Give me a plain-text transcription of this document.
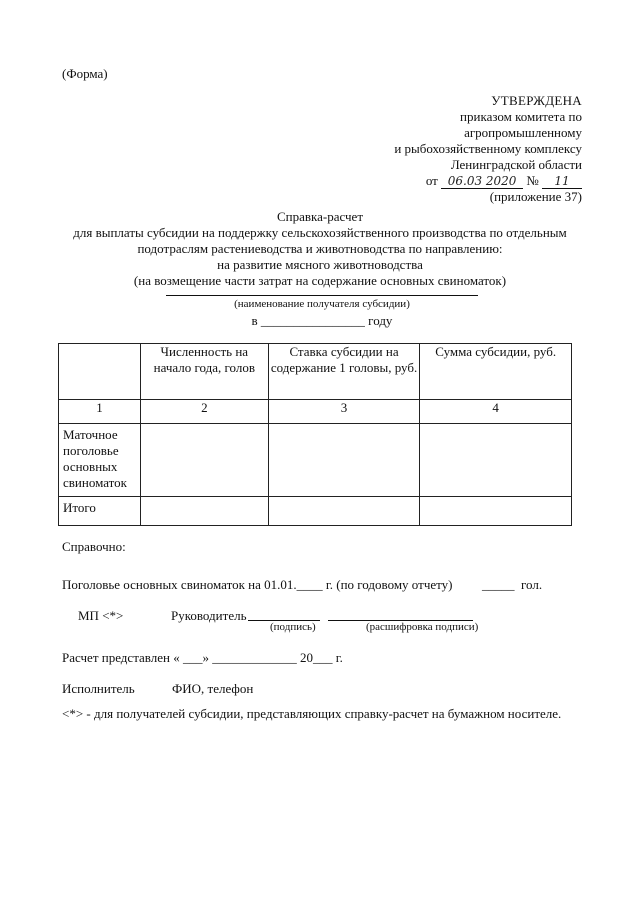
(Форма)
УТВЕРЖДЕНА
приказом комитета по
агропромышленному
и рыбохозяйственному комплексу
Ленинградской области
от 06.03 2020 № 11
(приложение 37)
Справка-расчет
для выплаты субсидии на поддержку сельскохозяйственного производства по отдельным
подотраслям растениеводства и животноводства по направлению:
на развитие мясного животноводства
(на возмещение части затрат на содержание основных свиноматок)
(наименование получателя субсидии)
в ________________ году
	Численность на начало года, голов	Ставка субсидии на содержание 1 головы, руб.	Сумма субсидии, руб.
1	2	3	4
Маточное поголовье основных свиноматок			
Итого			
Справочно:
Поголовье основных свиноматок на 01.01.____ г. (по годовому отчету) _____ гол.
МП <*>	Руководитель
(подпись)	(расшифровка подписи)
Расчет представлен « ___» _____________ 20___ г.
Исполнитель	ФИО, телефон
<*> - для получателей субсидии, представляющих справку-расчет на бумажном носителе.
